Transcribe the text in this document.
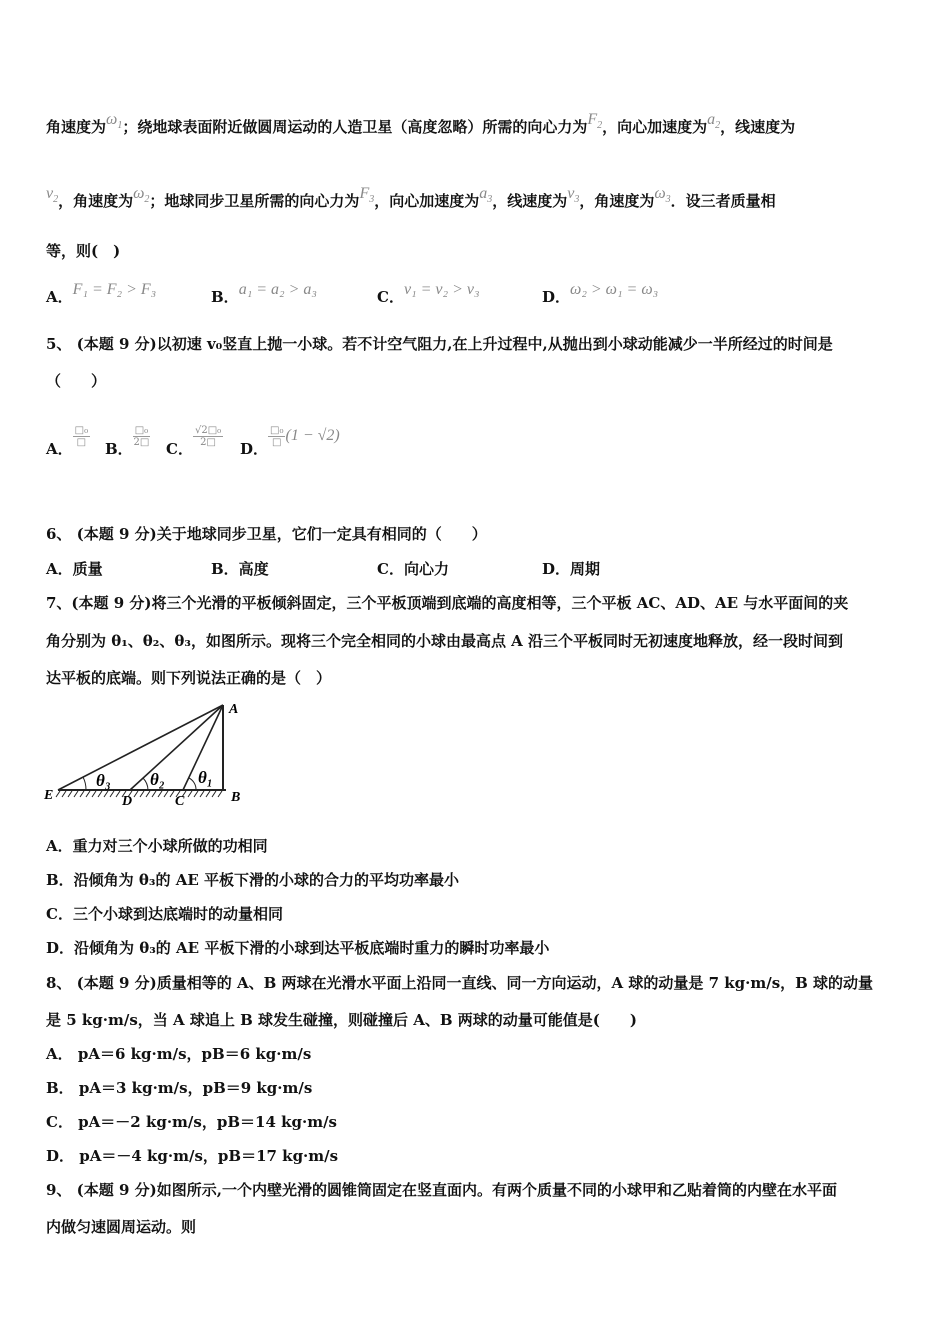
角速度为$\omega_1$；绕地球表面附近做圆周运动的人造卫星（高度忽略）所需的向心力为$F_2$，向心加速度为$a_2$，线速度为
$v_2$，角速度为$\omega_2$；地球同步卫星所需的向心力为$F_3$，向心加速度为$a_3$，线速度为$v_3$，角速度为$\omega_3$．设三者质量相
等，则(　)
A．F₁ = F₂ > F₃	B．a₁ = a₂ > a₃	C．v₁ = v₂ > v₃	D．ω₂ > ω₁ = ω₃
5、 (本题 9 分)以初速 v₀竖直上抛一小球。若不计空气阻力,在上升过程中,从抛出到小球动能减少一半所经过的时间是
（　　）
A．
$\frac{\text{□₀}}{□}$
B．
$\frac{\text{□₀}}{2□}$
C．
$\frac{\text{√2□₀}}{2□}$
D．
$\frac{\text{□₀}}{□} (1 - √2)$
6、 (本题 9 分)关于地球同步卫星，它们一定具有相同的（　　）
A．质量	B．高度	C．向心力	D．周期
7、(本题 9 分)将三个光滑的平板倾斜固定，三个平板顶端到底端的高度相等，三个平板 AC、AD、AE 与水平面间的夹
角分别为 θ₁、θ₂、θ₃，如图所示。现将三个完全相同的小球由最高点 A 沿三个平板同时无初速度地释放，经一段时间到
达平板的底端。则下列说法正确的是（　）
A
B
C
D
E
θ₁
θ₂
θ₃
A．重力对三个小球所做的功相同
B．沿倾角为 θ₃的 AE 平板下滑的小球的合力的平均功率最小
C．三个小球到达底端时的动量相同
D．沿倾角为 θ₃的 AE 平板下滑的小球到达平板底端时重力的瞬时功率最小
8、 (本题 9 分)质量相等的 A、B 两球在光滑水平面上沿同一直线、同一方向运动，A 球的动量是 7 kg·m/s，B 球的动量
是 5 kg·m/s，当 A 球追上 B 球发生碰撞，则碰撞后 A、B 两球的动量可能值是(　　)
A． pA＝6 kg·m/s，pB＝6 kg·m/s
B． pA＝3 kg·m/s，pB＝9 kg·m/s
C． pA＝－2 kg·m/s，pB＝14 kg·m/s
D． pA＝－4 kg·m/s，pB＝17 kg·m/s
9、 (本题 9 分)如图所示,一个内壁光滑的圆锥筒固定在竖直面内。有两个质量不同的小球甲和乙贴着筒的内壁在水平面
内做匀速圆周运动。则
